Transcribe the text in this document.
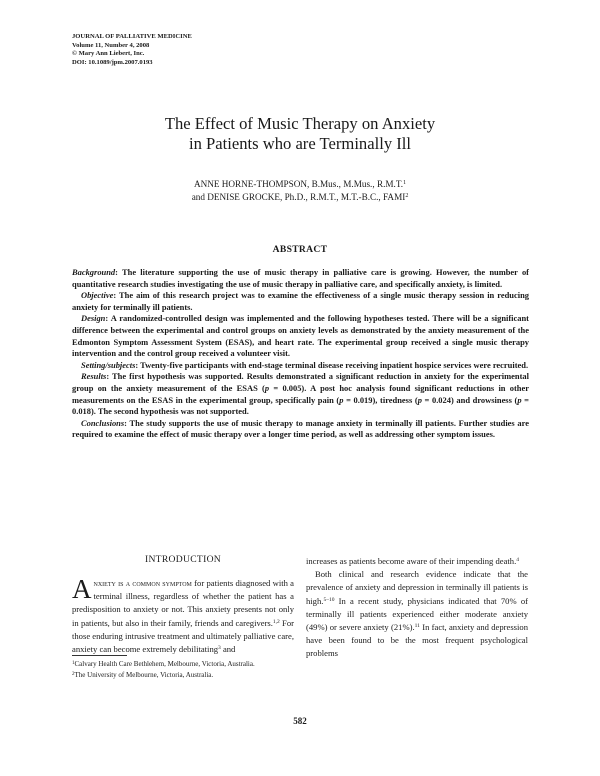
JOURNAL OF PALLIATIVE MEDICINE
Volume 11, Number 4, 2008
© Mary Ann Liebert, Inc.
DOI: 10.1089/jpm.2007.0193
The Effect of Music Therapy on Anxiety
in Patients who are Terminally Ill
ANNE HORNE-THOMPSON, B.Mus., M.Mus., R.M.T.$^1$
and DENISE GROCKE, Ph.D., R.M.T., M.T.-B.C., FAMI$^2$
ABSTRACT

Background: The literature supporting the use of music therapy in palliative care is growing. However, the number of quantitative research studies investigating the use of music therapy in palliative care, and specifically anxiety, is limited.

Objective: The aim of this research project was to examine the effectiveness of a single music therapy session in reducing anxiety for terminally ill patients.

Design: A randomized-controlled design was implemented and the following hypotheses tested. There will be a significant difference between the experimental and control groups on anxiety levels as demonstrated by the anxiety measurement of the Edmonton Symptom Assessment System (ESAS), and heart rate. The experimental group received a single music therapy intervention and the control group received a volunteer visit.

Setting/subjects: Twenty-five participants with end-stage terminal disease receiving inpatient hospice services were recruited.

Results: The first hypothesis was supported. Results demonstrated a significant reduction in anxiety for the experimental group on the anxiety measurement of the ESAS (p = 0.005). A post hoc analysis found significant reductions in other measurements on the ESAS in the experimental group, specifically pain (p = 0.019), tiredness (p = 0.024) and drowsiness (p = 0.018). The second hypothesis was not supported.

Conclusions: The study supports the use of music therapy to manage anxiety in terminally ill patients. Further studies are required to examine the effect of music therapy over a longer time period, as well as addressing other symptom issues.

INTRODUCTION
Anxiety is a common symptom for patients diagnosed with a terminal illness, regardless of whether the patient has a predisposition to anxiety or not. This anxiety presents not only in patients, but also in their family, friends and caregivers.$^{1,2}$ For those enduring intrusive treatment and ultimately palliative care, anxiety can become extremely debilitating$^3$ and

increases as patients become aware of their impending death.$^4$

Both clinical and research evidence indicate that the prevalence of anxiety and depression in terminally ill patients is high.$^{5-10}$ In a recent study, physicians indicated that 70% of terminally ill patients experienced either moderate anxiety (49%) or severe anxiety (21%).$^{11}$ In fact, anxiety and depression have been found to be the most frequent psychological problems

$^1$Calvary Health Care Bethlehem, Melbourne, Victoria, Australia.
$^2$The University of Melbourne, Victoria, Australia.
582
